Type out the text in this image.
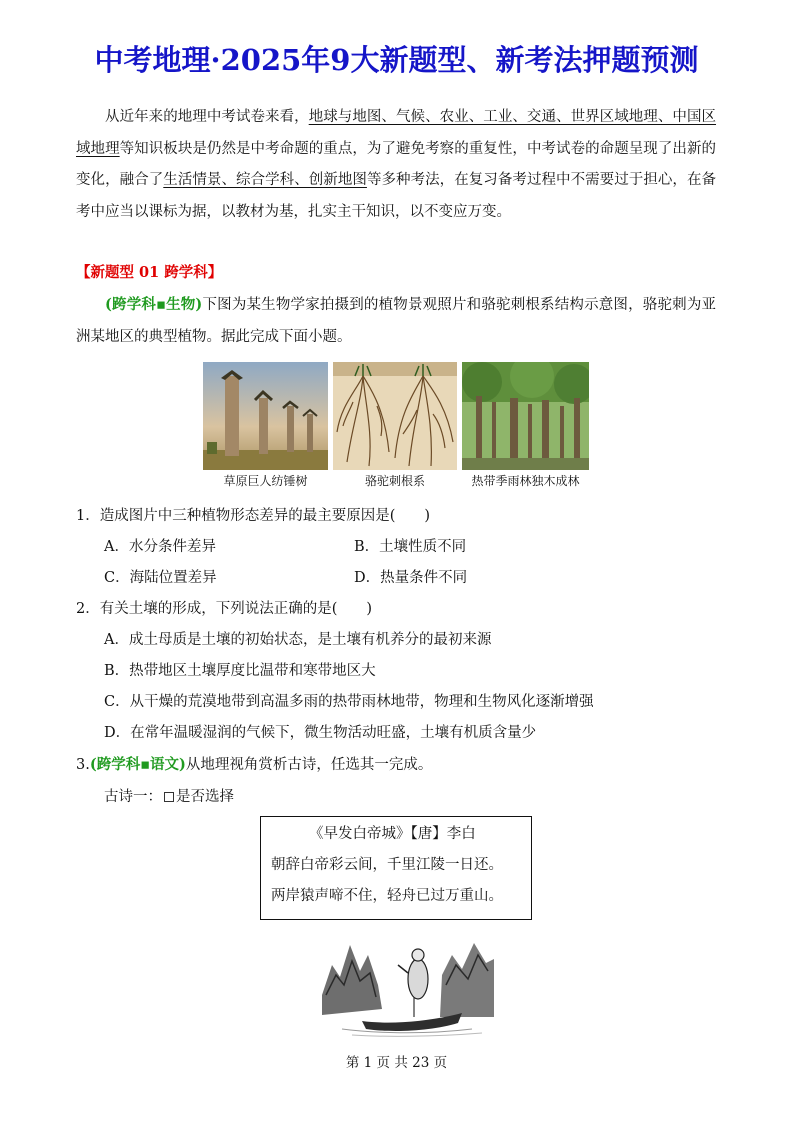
中考地理·2025年9大新题型、新考法押题预测
从近年来的地理中考试卷来看，地球与地图、气候、农业、工业、交通、世界区域地理、中国区域地理等知识板块是仍然是中考命题的重点，为了避免考察的重复性，中考试卷的命题呈现了出新的变化，融合了生活情景、综合学科、创新地图等多种考法，在复习备考过程中不需要过于担心，在备考中应当以课标为据，以教材为基，扎实主干知识，以不变应万变。
【新题型 01 跨学科】
(跨学科▪生物)下图为某生物学家拍摄到的植物景观照片和骆驼刺根系结构示意图，骆驼刺为亚洲某地区的典型植物。据此完成下面小题。
草原巨人纺锤树	骆驼刺根系	热带季雨林独木成林
1．造成图片中三种植物形态差异的最主要原因是(　　)
A．水分条件差异	B．土壤性质不同
C．海陆位置差异	D．热量条件不同
2．有关土壤的形成，下列说法正确的是(　　)
A．成土母质是土壤的初始状态，是土壤有机养分的最初来源
B．热带地区土壤厚度比温带和寒带地区大
C．从干燥的荒漠地带到高温多雨的热带雨林地带，物理和生物风化逐渐增强
D．在常年温暖湿润的气候下，微生物活动旺盛，土壤有机质含量少
3.(跨学科▪语文)从地理视角赏析古诗，任选其一完成。
古诗一： 是否选择
《早发白帝城》【唐】李白
朝辞白帝彩云间，千里江陵一日还。
两岸猿声啼不住，轻舟已过万重山。
第 1 页 共 23 页
